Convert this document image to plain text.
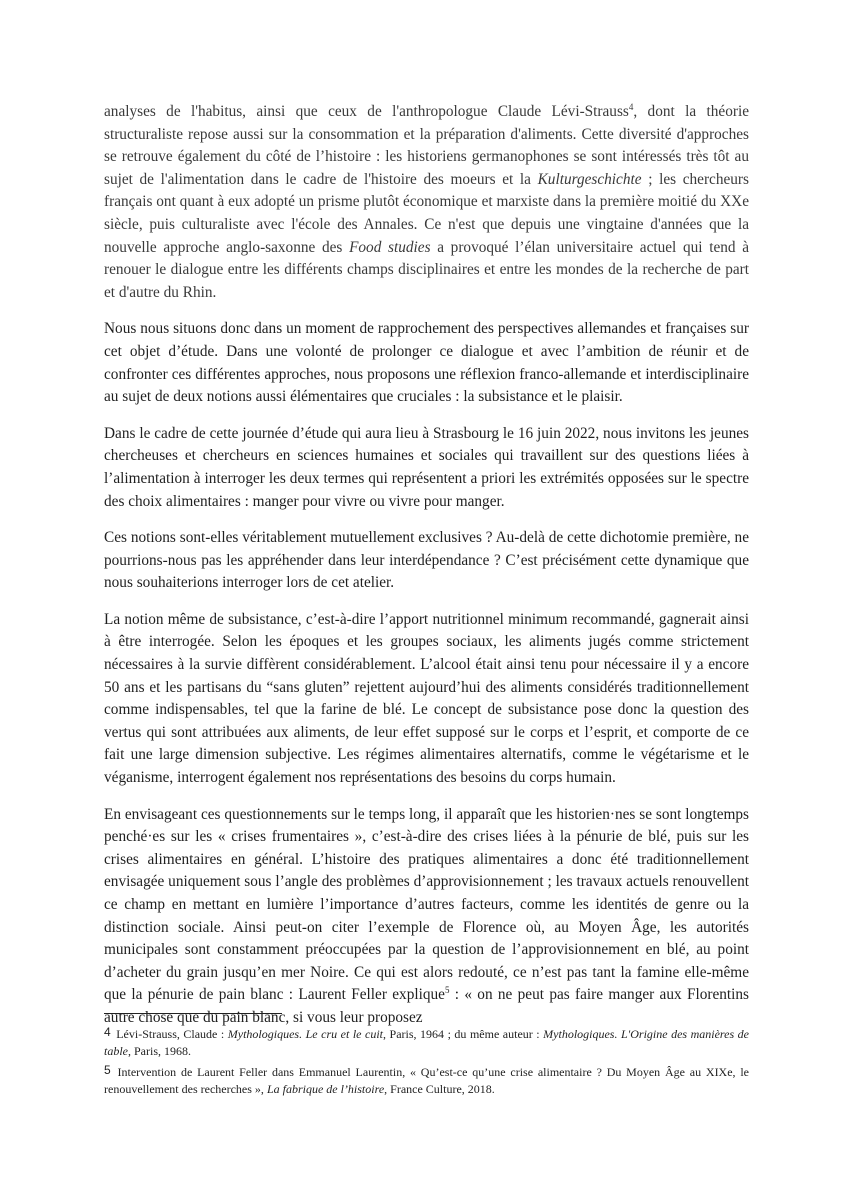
analyses de l'habitus, ainsi que ceux de l'anthropologue Claude Lévi-Strauss$^4$, dont la théorie structuraliste repose aussi sur la consommation et la préparation d'aliments. Cette diversité d'approches se retrouve également du côté de l’histoire : les historiens germanophones se sont intéressés très tôt au sujet de l'alimentation dans le cadre de l'histoire des moeurs et la Kulturgeschichte ; les chercheurs français ont quant à eux adopté un prisme plutôt économique et marxiste dans la première moitié du XXe siècle, puis culturaliste avec l'école des Annales. Ce n'est que depuis une vingtaine d'années que la nouvelle approche anglo-saxonne des Food studies a provoqué l’élan universitaire actuel qui tend à renouer le dialogue entre les différents champs disciplinaires et entre les mondes de la recherche de part et d'autre du Rhin.

Nous nous situons donc dans un moment de rapprochement des perspectives allemandes et françaises sur cet objet d’étude. Dans une volonté de prolonger ce dialogue et avec l’ambition de réunir et de confronter ces différentes approches, nous proposons une réflexion franco-allemande et interdisciplinaire au sujet de deux notions aussi élémentaires que cruciales : la subsistance et le plaisir.

Dans le cadre de cette journée d’étude qui aura lieu à Strasbourg le 16 juin 2022, nous invitons les jeunes chercheuses et chercheurs en sciences humaines et sociales qui travaillent sur des questions liées à l’alimentation à interroger les deux termes qui représentent a priori les extrémités opposées sur le spectre des choix alimentaires : manger pour vivre ou vivre pour manger.

Ces notions sont-elles véritablement mutuellement exclusives ? Au-delà de cette dichotomie première, ne pourrions-nous pas les appréhender dans leur interdépendance ? C’est précisément cette dynamique que nous souhaiterions interroger lors de cet atelier.

La notion même de subsistance, c’est-à-dire l’apport nutritionnel minimum recommandé, gagnerait ainsi à être interrogée. Selon les époques et les groupes sociaux, les aliments jugés comme strictement nécessaires à la survie diffèrent considérablement. L’alcool était ainsi tenu pour nécessaire il y a encore 50 ans et les partisans du “sans gluten” rejettent aujourd’hui des aliments considérés traditionnellement comme indispensables, tel que la farine de blé. Le concept de subsistance pose donc la question des vertus qui sont attribuées aux aliments, de leur effet supposé sur le corps et l’esprit, et comporte de ce fait une large dimension subjective. Les régimes alimentaires alternatifs, comme le végétarisme et le véganisme, interrogent également nos représentations des besoins du corps humain.

En envisageant ces questionnements sur le temps long, il apparaît que les historien·nes se sont longtemps penché·es sur les « crises frumentaires », c’est-à-dire des crises liées à la pénurie de blé, puis sur les crises alimentaires en général. L’histoire des pratiques alimentaires a donc été traditionnellement envisagée uniquement sous l’angle des problèmes d’approvisionnement ; les travaux actuels renouvellent ce champ en mettant en lumière l’importance d’autres facteurs, comme les identités de genre ou la distinction sociale. Ainsi peut-on citer l’exemple de Florence où, au Moyen Âge, les autorités municipales sont constamment préoccupées par la question de l’approvisionnement en blé, au point d’acheter du grain jusqu’en mer Noire. Ce qui est alors redouté, ce n’est pas tant la famine elle-même que la pénurie de pain blanc : Laurent Feller explique$^5$ : « on ne peut pas faire manger aux Florentins autre chose que du pain blanc, si vous leur proposez

4 Lévi-Strauss, Claude : Mythologiques. Le cru et le cuit, Paris, 1964 ; du même auteur : Mythologiques. L'Origine des manières de table, Paris, 1968.

5 Intervention de Laurent Feller dans Emmanuel Laurentin, « Qu’est-ce qu’une crise alimentaire ? Du Moyen Âge au XIXe, le renouvellement des recherches », La fabrique de l’histoire, France Culture, 2018.
